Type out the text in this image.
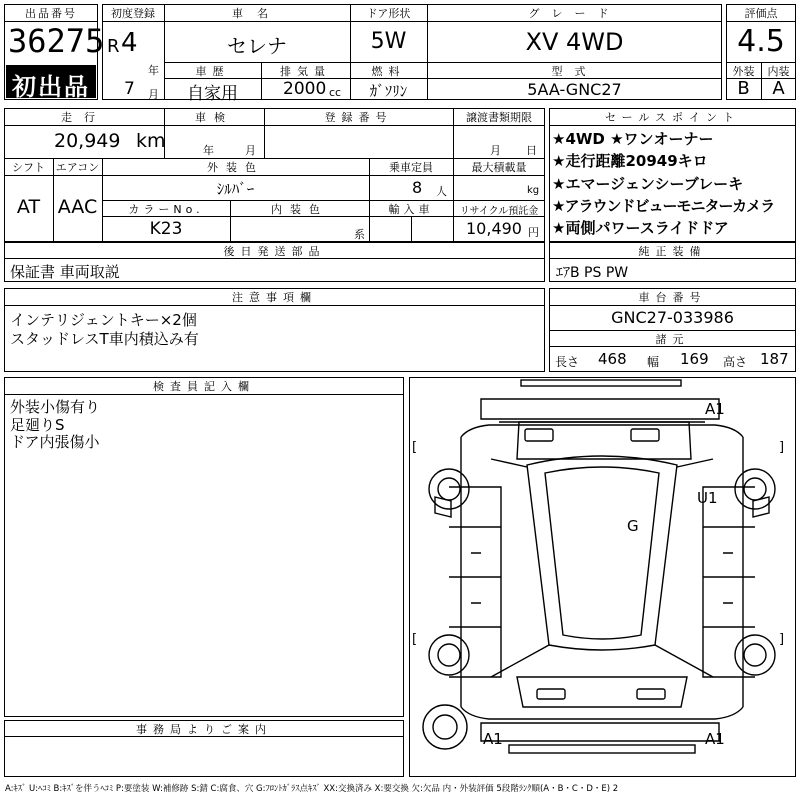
出品番号
36275
初出品
初度登録
R 4
年
7 月
車名
セレナ
ドア形状
5W
グレード
XV 4WD
車歴
自家用
排気量
2000 cc
燃料
ｶﾞｿﾘﾝ
型式
5AA-GNC27
評価点
4.5
外装	内装
B	A
走行
20,949 km
車検
年	月
登録番号	譲渡書類期限
月 日
シフト
AT
エアコン
AAC
外装色
ｼﾙﾊﾞｰ
乗車定員
8 人
最大積載量
kg
カラーNo.
K23
内装色
系
輸入車	リサイクル預託金
10,490 円
セールスポイント
★4WD ★ワンオーナー
★走行距離20949キロ
★エマージェンシーブレーキ
★アラウンドビューモニターカメラ
★両側パワースライドドア
後日発送部品
保証書 車両取説
純正装備
ｴｱB PS PW
注意事項欄
インテリジェントキー×2個
スタッドレスT車内積込み有
車台番号
GNC27-033986
諸元
長さ 468 幅 169 高さ 187
検査員記入欄
外装小傷有り
足廻りS
ドア内張傷小
事務局よりご案内
[	]
[	]
A1
U1
G
A1	A1
A:ｷｽﾞ U:ﾍｺﾐ B:ｷｽﾞを伴うﾍｺﾐ P:要塗装 W:補修跡 S:錆 C:腐食、穴 G:ﾌﾛﾝﾄｶﾞﾗｽ点ｷｽﾞ XX:交換済み X:要交換 欠:欠品 内・外装評価 5段階ﾗﾝｸ順(A・B・C・D・E) 2
